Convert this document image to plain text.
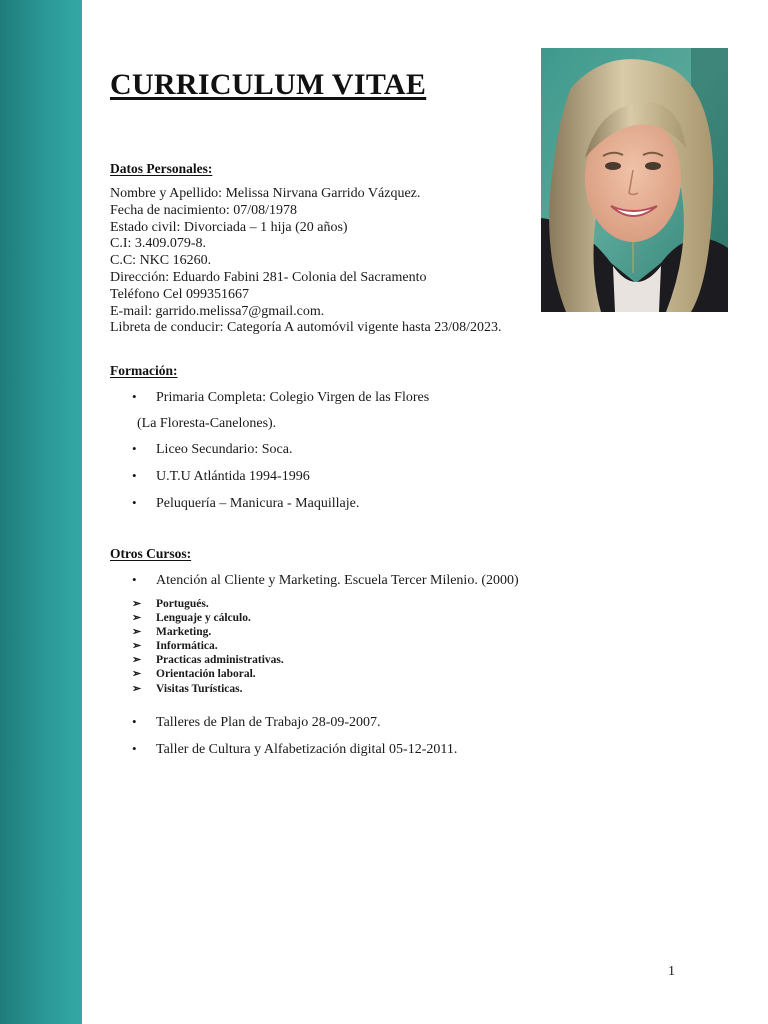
CURRICULUM VITAE
Datos Personales:
Nombre y Apellido: Melissa Nirvana Garrido Vázquez.
Fecha de nacimiento: 07/08/1978
Estado civil: Divorciada – 1 hija (20 años)
C.I: 3.409.079-8.
C.C: NKC 16260.
Dirección: Eduardo Fabini 281- Colonia del Sacramento
Teléfono Cel 099351667
E-mail: garrido.melissa7@gmail.com.
Libreta de conducir: Categoría A automóvil vigente hasta 23/08/2023.
Formación:
• Primaria Completa: Colegio Virgen de las Flores
(La Floresta-Canelones).
• Liceo Secundario: Soca.
• U.T.U Atlántida 1994-1996
• Peluquería – Manicura - Maquillaje.
Otros Cursos:
• Atención al Cliente y Marketing. Escuela Tercer Milenio. (2000)
➢ Portugués.
➢ Lenguaje y cálculo.
➢ Marketing.
➢ Informática.
➢ Practicas administrativas.
➢ Orientación laboral.
➢ Visitas Turísticas.
• Talleres de Plan de Trabajo 28-09-2007.
• Taller de Cultura y Alfabetización digital 05-12-2011.
1
